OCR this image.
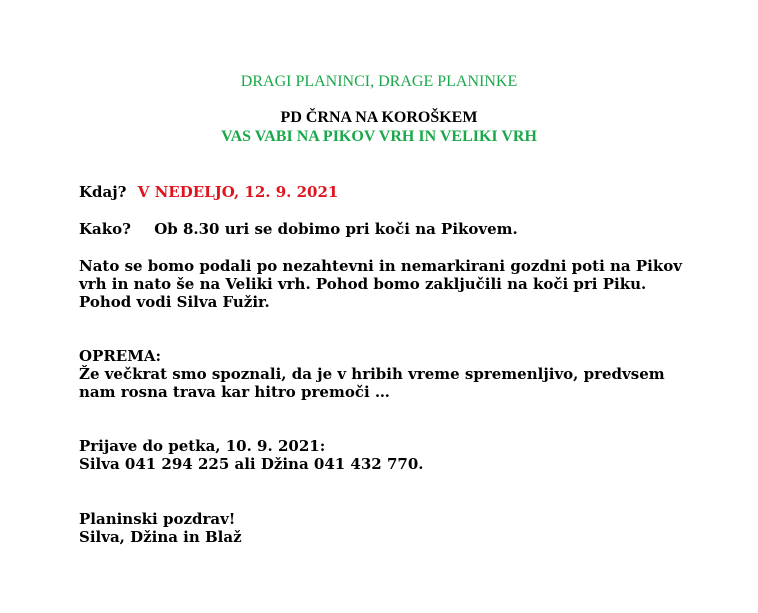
DRAGI PLANINCI, DRAGE PLANINKE
PD ČRNA NA KOROŠKEM
VAS VABI NA PIKOV VRH IN VELIKI VRH
Kdaj? V NEDELJO, 12. 9. 2021
Kako? Ob 8.30 uri se dobimo pri koči na Pikovem.
Nato se bomo podali po nezahtevni in nemarkirani gozdni poti na Pikov
vrh in nato še na Veliki vrh. Pohod bomo zaključili na koči pri Piku.
Pohod vodi Silva Fužir.
OPREMA:
Že večkrat smo spoznali, da je v hribih vreme spremenljivo, predvsem
nam rosna trava kar hitro premoči …
Prijave do petka, 10. 9. 2021:
Silva 041 294 225 ali Džina 041 432 770.
Planinski pozdrav!
Silva, Džina in Blaž
